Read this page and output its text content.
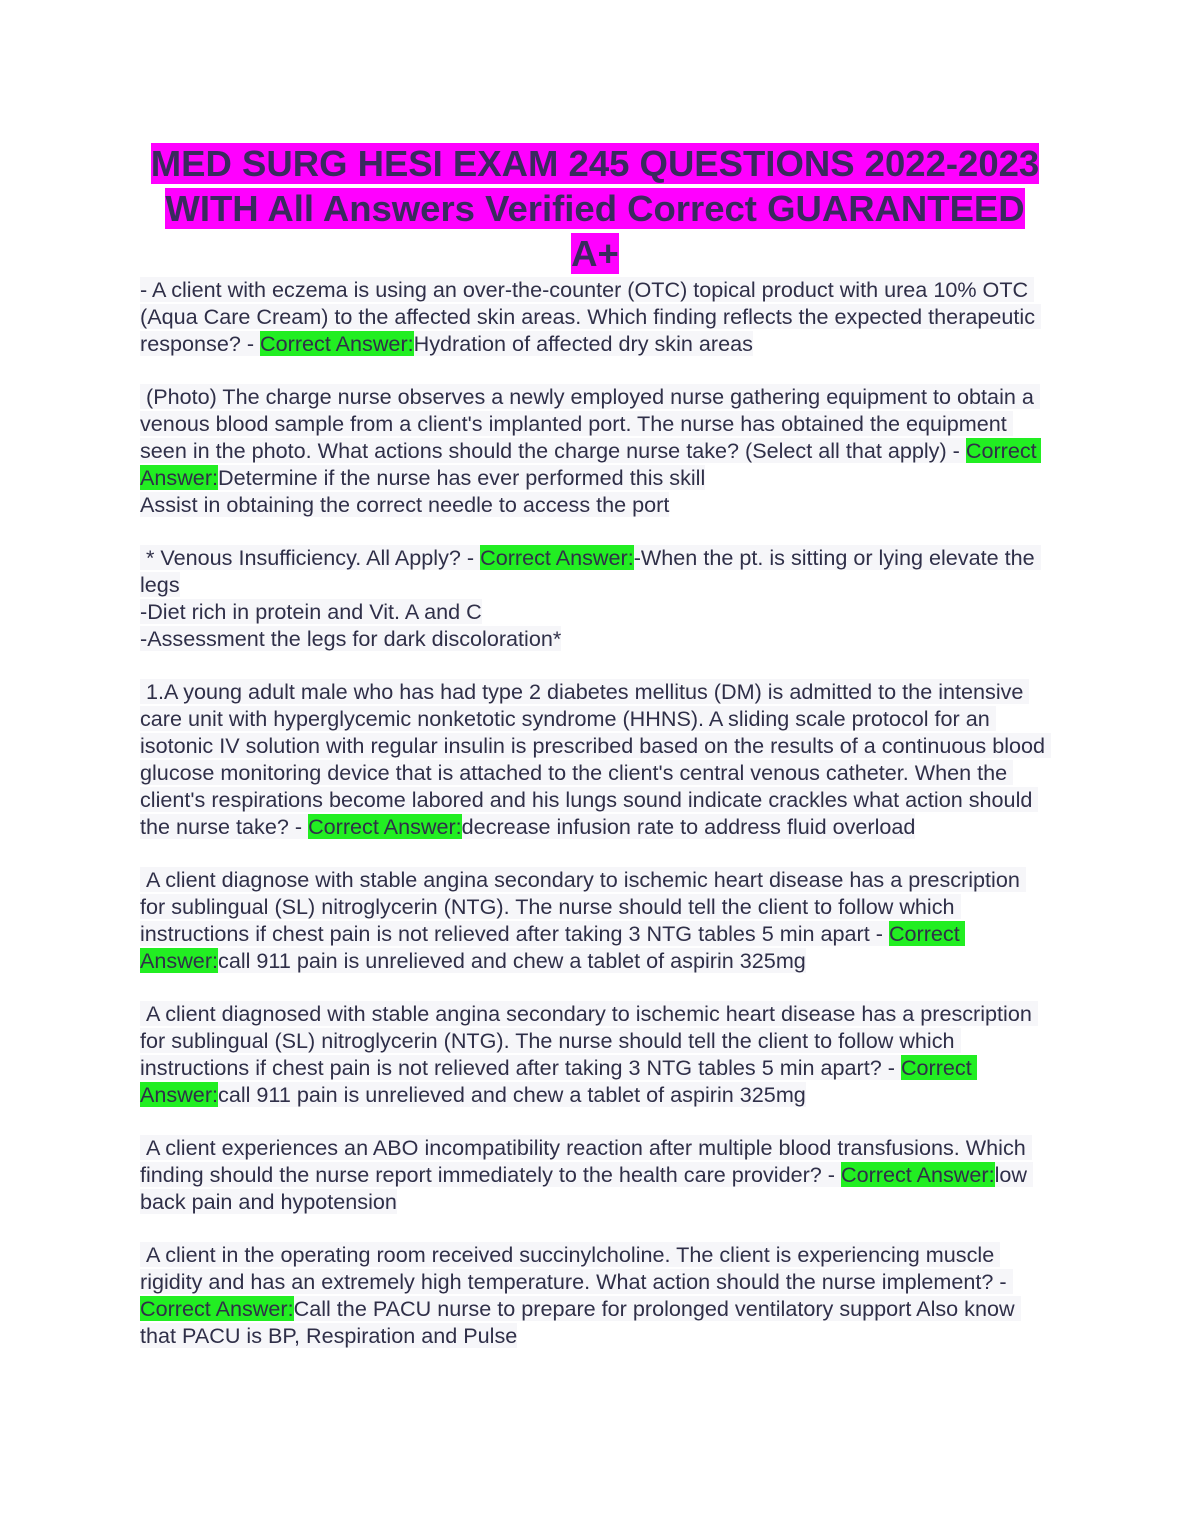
MED SURG HESI EXAM 245 QUESTIONS 2022-2023 WITH All Answers Verified Correct GUARANTEED A+
- A client with eczema is using an over-the-counter (OTC) topical product with urea 10% OTC (Aqua Care Cream) to the affected skin areas. Which finding reflects the expected therapeutic response? - Correct Answer:Hydration of affected dry skin areas
(Photo) The charge nurse observes a newly employed nurse gathering equipment to obtain a venous blood sample from a client's implanted port. The nurse has obtained the equipment seen in the photo. What actions should the charge nurse take? (Select all that apply) - Correct Answer:Determine if the nurse has ever performed this skill
Assist in obtaining the correct needle to access the port
* Venous Insufficiency. All Apply? - Correct Answer:-When the pt. is sitting or lying elevate the legs
-Diet rich in protein and Vit. A and C
-Assessment the legs for dark discoloration*
1.A young adult male who has had type 2 diabetes mellitus (DM) is admitted to the intensive care unit with hyperglycemic nonketotic syndrome (HHNS). A sliding scale protocol for an isotonic IV solution with regular insulin is prescribed based on the results of a continuous blood glucose monitoring device that is attached to the client's central venous catheter. When the client's respirations become labored and his lungs sound indicate crackles what action should the nurse take? - Correct Answer:decrease infusion rate to address fluid overload
A client diagnose with stable angina secondary to ischemic heart disease has a prescription for sublingual (SL) nitroglycerin (NTG). The nurse should tell the client to follow which instructions if chest pain is not relieved after taking 3 NTG tables 5 min apart - Correct Answer:call 911 pain is unrelieved and chew a tablet of aspirin 325mg
A client diagnosed with stable angina secondary to ischemic heart disease has a prescription for sublingual (SL) nitroglycerin (NTG). The nurse should tell the client to follow which instructions if chest pain is not relieved after taking 3 NTG tables 5 min apart? - Correct Answer:call 911 pain is unrelieved and chew a tablet of aspirin 325mg
A client experiences an ABO incompatibility reaction after multiple blood transfusions. Which finding should the nurse report immediately to the health care provider? - Correct Answer:low back pain and hypotension
A client in the operating room received succinylcholine. The client is experiencing muscle rigidity and has an extremely high temperature. What action should the nurse implement? - Correct Answer:Call the PACU nurse to prepare for prolonged ventilatory support Also know that PACU is BP, Respiration and Pulse
